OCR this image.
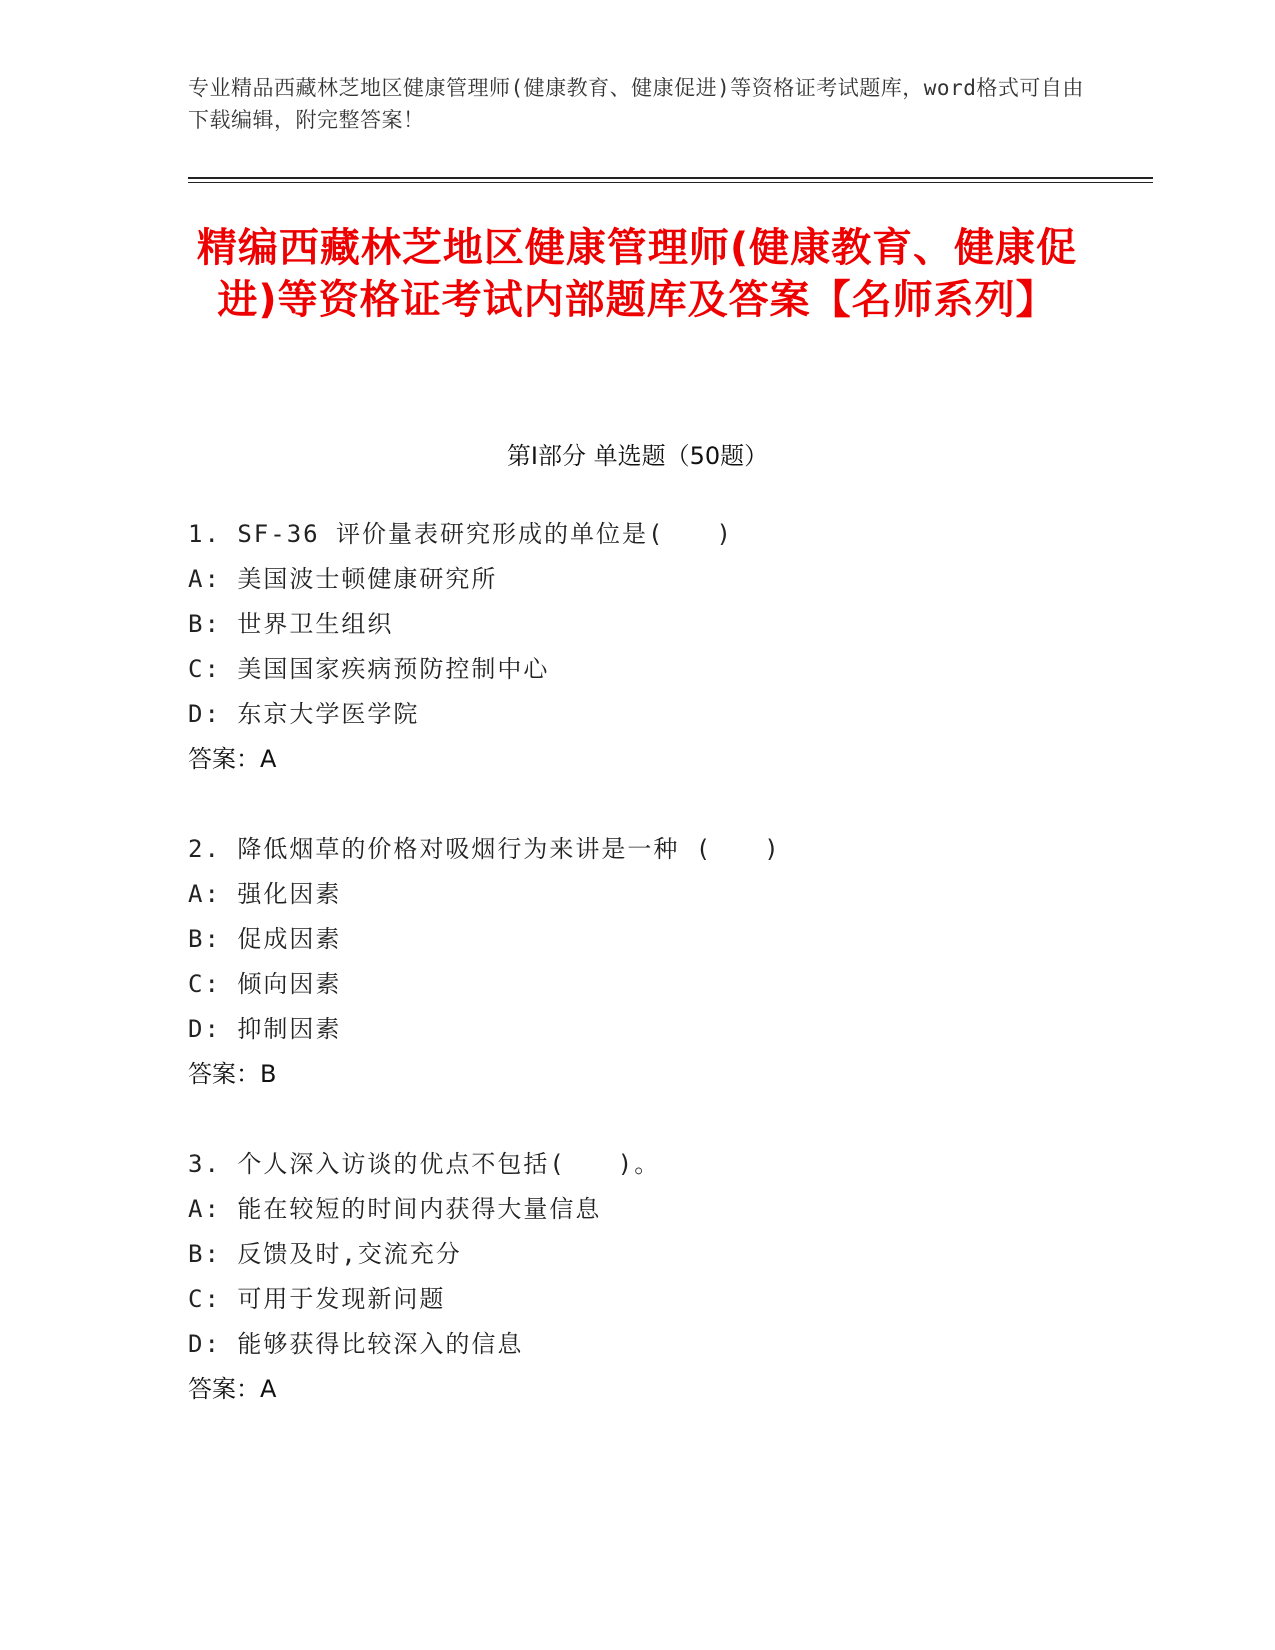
专业精品西藏林芝地区健康管理师(健康教育、健康促进)等资格证考试题库，word格式可自由下载编辑，附完整答案！
精编西藏林芝地区健康管理师(健康教育、健康促进)等资格证考试内部题库及答案【名师系列】
第Ⅰ部分 单选题（50题）
1. SF-36 评价量表研究形成的单位是(　　)
A: 美国波士顿健康研究所
B: 世界卫生组织
C: 美国国家疾病预防控制中心
D: 东京大学医学院
答案：A
2. 降低烟草的价格对吸烟行为来讲是一种 (　　)
A: 强化因素
B: 促成因素
C: 倾向因素
D: 抑制因素
答案：B
3. 个人深入访谈的优点不包括(　　)。
A: 能在较短的时间内获得大量信息
B: 反馈及时,交流充分
C: 可用于发现新问题
D: 能够获得比较深入的信息
答案：A
